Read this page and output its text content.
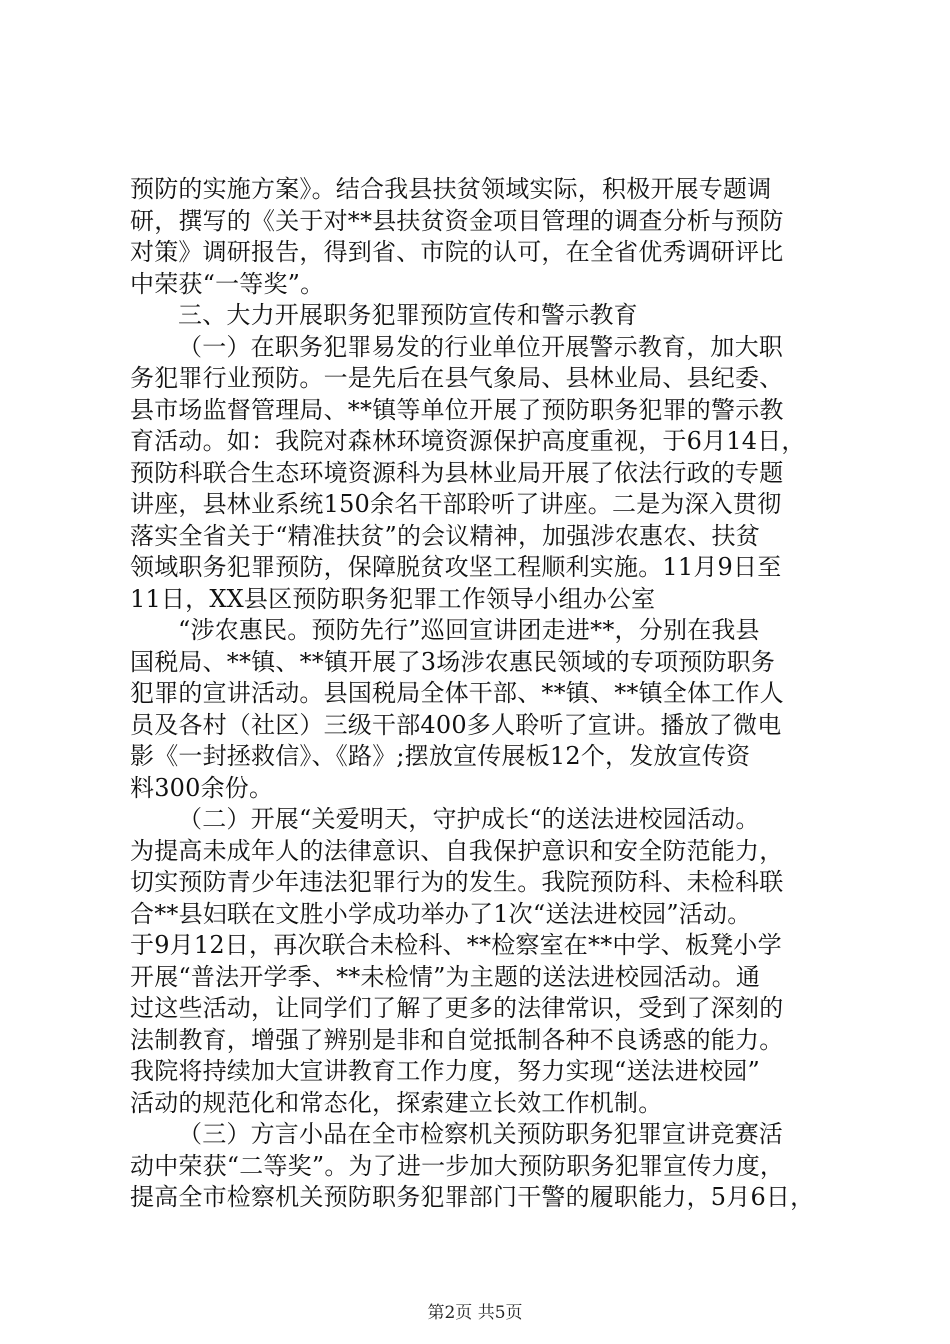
预防的实施方案》。结合我县扶贫领域实际，积极开展专题调
研，撰写的《关于对**县扶贫资金项目管理的调查分析与预防
对策》调研报告，得到省、市院的认可，在全省优秀调研评比
中荣获“一等奖”。
三、大力开展职务犯罪预防宣传和警示教育
（一）在职务犯罪易发的行业单位开展警示教育，加大职
务犯罪行业预防。一是先后在县气象局、县林业局、县纪委、
县市场监督管理局、**镇等单位开展了预防职务犯罪的警示教
育活动。如：我院对森林环境资源保护高度重视，于6月14日，
预防科联合生态环境资源科为县林业局开展了依法行政的专题
讲座，县林业系统150余名干部聆听了讲座。二是为深入贯彻
落实全省关于“精准扶贫”的会议精神，加强涉农惠农、扶贫
领域职务犯罪预防，保障脱贫攻坚工程顺利实施。11月9日至
11日，XX县区预防职务犯罪工作领导小组办公室
“涉农惠民。预防先行”巡回宣讲团走进**，分别在我县
国税局、**镇、**镇开展了3场涉农惠民领域的专项预防职务
犯罪的宣讲活动。县国税局全体干部、**镇、**镇全体工作人
员及各村（社区）三级干部400多人聆听了宣讲。播放了微电
影《一封拯救信》、《路》;摆放宣传展板12个，发放宣传资
料300余份。
（二）开展“关爱明天，守护成长“的送法进校园活动。
为提高未成年人的法律意识、自我保护意识和安全防范能力，
切实预防青少年违法犯罪行为的发生。我院预防科、未检科联
合**县妇联在文胜小学成功举办了1次“送法进校园”活动。
于9月12日，再次联合未检科、**检察室在**中学、板凳小学
开展“普法开学季、**未检情”为主题的送法进校园活动。通
过这些活动，让同学们了解了更多的法律常识，受到了深刻的
法制教育，增强了辨别是非和自觉抵制各种不良诱惑的能力。
我院将持续加大宣讲教育工作力度，努力实现“送法进校园”
活动的规范化和常态化，探索建立长效工作机制。
（三）方言小品在全市检察机关预防职务犯罪宣讲竞赛活
动中荣获“二等奖”。为了进一步加大预防职务犯罪宣传力度，
提高全市检察机关预防职务犯罪部门干警的履职能力，5月6日，
第2页 共5页
